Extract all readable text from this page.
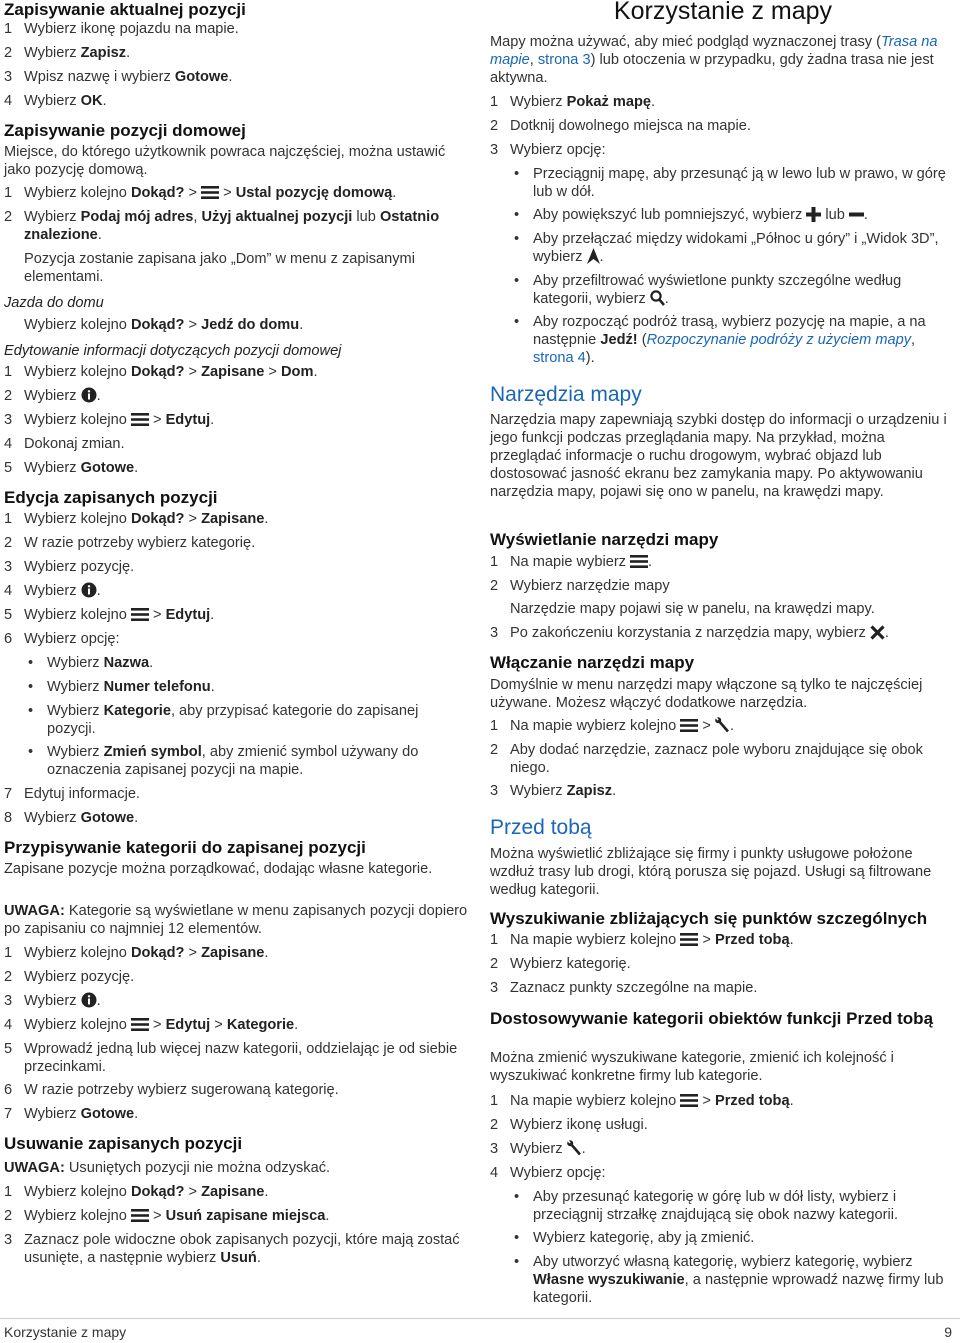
Zapisywanie aktualnej pozycji
1 Wybierz ikonę pojazdu na mapie.
2 Wybierz Zapisz.
3 Wpisz nazwę i wybierz Gotowe.
4 Wybierz OK.
Zapisywanie pozycji domowej
Miejsce, do którego użytkownik powraca najczęściej, można ustawić jako pozycję domową.
1 Wybierz kolejno Dokąd? >  > Ustal pozycję domową.
2 Wybierz Podaj mój adres, Użyj aktualnej pozycji lub Ostatnio znalezione.
Pozycja zostanie zapisana jako „Dom” w menu z zapisanymi elementami.
Jazda do domu
Wybierz kolejno Dokąd? > Jedź do domu.
Edytowanie informacji dotyczących pozycji domowej
1 Wybierz kolejno Dokąd? > Zapisane > Dom.
2 Wybierz .
3 Wybierz kolejno  > Edytuj.
4 Dokonaj zmian.
5 Wybierz Gotowe.
Edycja zapisanych pozycji
1 Wybierz kolejno Dokąd? > Zapisane.
2 W razie potrzeby wybierz kategorię.
3 Wybierz pozycję.
4 Wybierz .
5 Wybierz kolejno  > Edytuj.
6 Wybierz opcję:
• Wybierz Nazwa.
• Wybierz Numer telefonu.
• Wybierz Kategorie, aby przypisać kategorie do zapisanej pozycji.
• Wybierz Zmień symbol, aby zmienić symbol używany do oznaczenia zapisanej pozycji na mapie.
7 Edytuj informacje.
8 Wybierz Gotowe.
Przypisywanie kategorii do zapisanej pozycji
Zapisane pozycje można porządkować, dodając własne kategorie.
UWAGA: Kategorie są wyświetlane w menu zapisanych pozycji dopiero po zapisaniu co najmniej 12 elementów.
1 Wybierz kolejno Dokąd? > Zapisane.
2 Wybierz pozycję.
3 Wybierz .
4 Wybierz kolejno  > Edytuj > Kategorie.
5 Wprowadź jedną lub więcej nazw kategorii, oddzielając je od siebie przecinkami.
6 W razie potrzeby wybierz sugerowaną kategorię.
7 Wybierz Gotowe.
Usuwanie zapisanych pozycji
UWAGA: Usuniętych pozycji nie można odzyskać.
1 Wybierz kolejno Dokąd? > Zapisane.
2 Wybierz kolejno  > Usuń zapisane miejsca.
3 Zaznacz pole widoczne obok zapisanych pozycji, które mają zostać usunięte, a następnie wybierz Usuń.
Korzystanie z mapy
Mapy można używać, aby mieć podgląd wyznaczonej trasy (Trasa na mapie, strona 3) lub otoczenia w przypadku, gdy żadna trasa nie jest aktywna.
1 Wybierz Pokaż mapę.
2 Dotknij dowolnego miejsca na mapie.
3 Wybierz opcję:
• Przeciągnij mapę, aby przesunąć ją w lewo lub w prawo, w górę lub w dół.
• Aby powiększyć lub pomniejszyć, wybierz  lub .
• Aby przełączać między widokami „Północ u góry” i „Widok 3D”, wybierz .
• Aby przefiltrować wyświetlone punkty szczególne według kategorii, wybierz .
• Aby rozpocząć podróż trasą, wybierz pozycję na mapie, a na następnie Jedź! (Rozpoczynanie podróży z użyciem mapy, strona 4).
Narzędzia mapy
Narzędzia mapy zapewniają szybki dostęp do informacji o urządzeniu i jego funkcji podczas przeglądania mapy. Na przykład, można przeglądać informacje o ruchu drogowym, wybrać objazd lub dostosować jasność ekranu bez zamykania mapy. Po aktywowaniu narzędzia mapy, pojawi się ono w panelu, na krawędzi mapy.
Wyświetlanie narzędzi mapy
1 Na mapie wybierz .
2 Wybierz narzędzie mapy
Narzędzie mapy pojawi się w panelu, na krawędzi mapy.
3 Po zakończeniu korzystania z narzędzia mapy, wybierz .
Włączanie narzędzi mapy
Domyślnie w menu narzędzi mapy włączone są tylko te najczęściej używane. Możesz włączyć dodatkowe narzędzia.
1 Na mapie wybierz kolejno  > .
2 Aby dodać narzędzie, zaznacz pole wyboru znajdujące się obok niego.
3 Wybierz Zapisz.
Przed tobą
Można wyświetlić zbliżające się firmy i punkty usługowe położone wzdłuż trasy lub drogi, którą porusza się pojazd. Usługi są filtrowane według kategorii.
Wyszukiwanie zbliżających się punktów szczególnych
1 Na mapie wybierz kolejno  > Przed tobą.
2 Wybierz kategorię.
3 Zaznacz punkty szczególne na mapie.
Dostosowywanie kategorii obiektów funkcji Przed tobą
Można zmienić wyszukiwane kategorie, zmienić ich kolejność i wyszukiwać konkretne firmy lub kategorie.
1 Na mapie wybierz kolejno  > Przed tobą.
2 Wybierz ikonę usługi.
3 Wybierz .
4 Wybierz opcję:
• Aby przesunąć kategorię w górę lub w dół listy, wybierz i przeciągnij strzałkę znajdującą się obok nazwy kategorii.
• Wybierz kategorię, aby ją zmienić.
• Aby utworzyć własną kategorię, wybierz kategorię, wybierz Własne wyszukiwanie, a następnie wprowadź nazwę firmy lub kategorii.
Korzystanie z mapy	9
